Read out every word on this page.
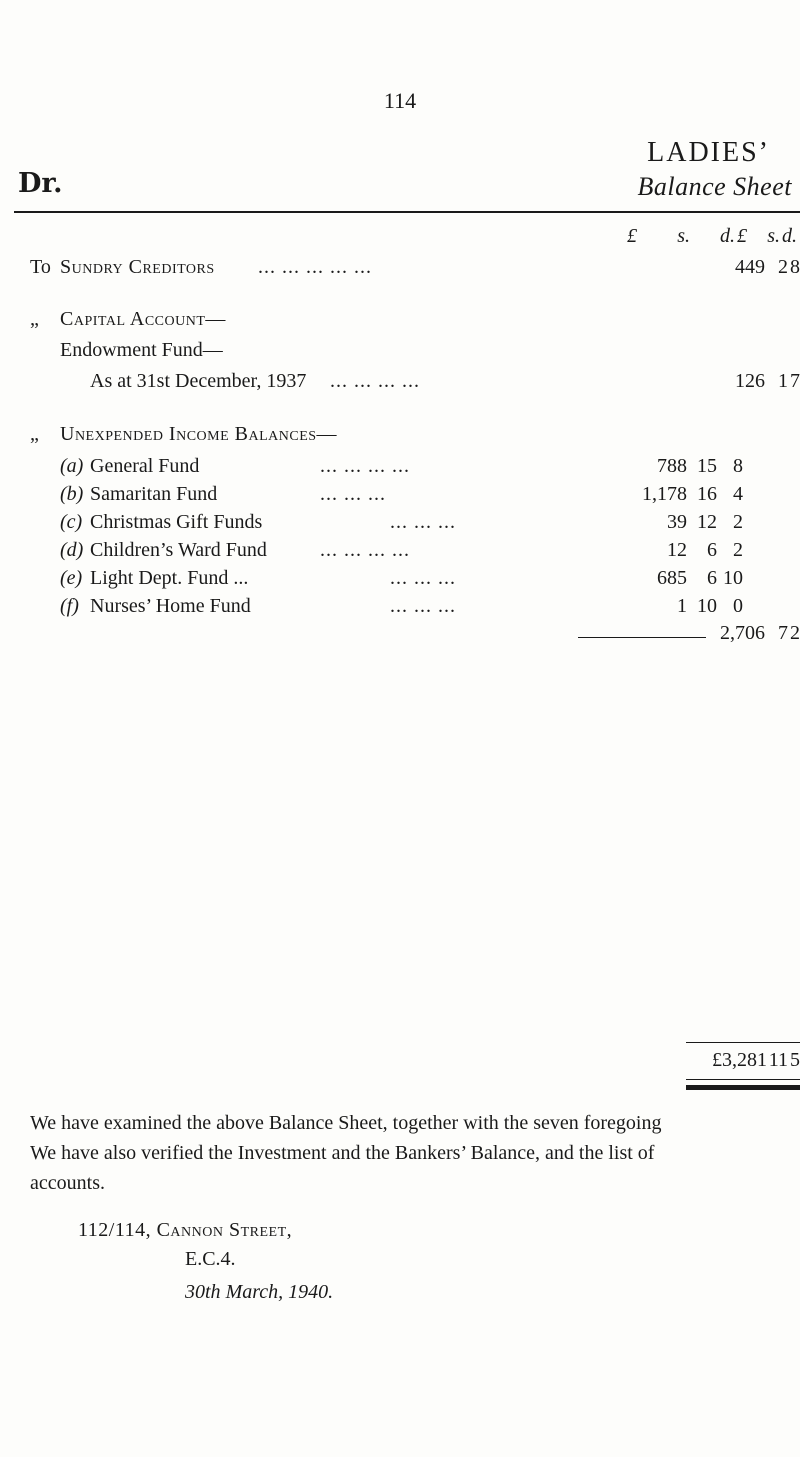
114
LADIES’
Dr.	Balance Sheet
£ s. d. £ s. d.
To Sundry Creditors ... ... ... ... ...	449 2 8
„ Capital Account—
Endowment Fund—
As at 31st December, 1937 ... ... ... ...	126 1 7
„ Unexpended Income Balances—
(a) General Fund	... ... ... ...	788 15 8
(b) Samaritan Fund	... ... ...	1,178 16 4
(c) Christmas Gift Funds	... ... ...	39 12 2
(d) Children’s Ward Fund	... ... ... ...	12 6 2
(e) Light Dept. Fund ...	... ... ...	685 6 10
(f) Nurses’ Home Fund	... ... ...	1 10 0
2,706 7 2
£3,281 11 5
We have examined the above Balance Sheet, together with the seven foregoing
We have also verified the Investment and the Bankers’ Balance, and the list of
accounts.
112/114, Cannon Street,
E.C.4.
30th March, 1940.
